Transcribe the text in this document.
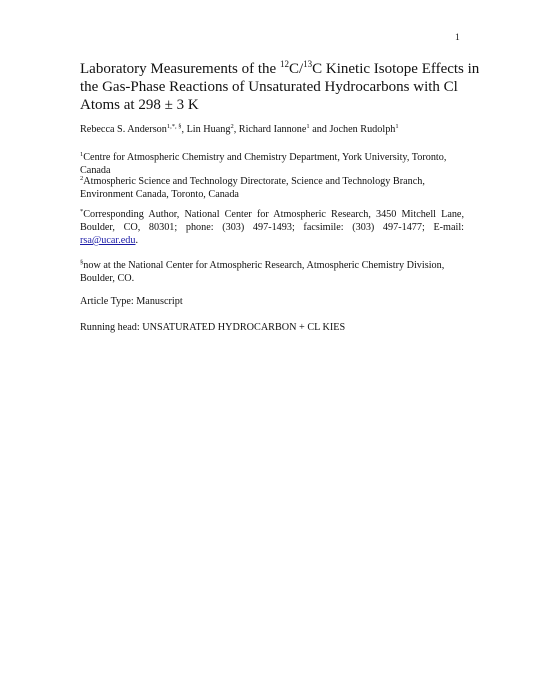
1
Laboratory Measurements of the $^{12}$C/$^{13}$C Kinetic Isotope Effects in the Gas-Phase Reactions of Unsaturated Hydrocarbons with Cl Atoms at 298 ± 3 K
Rebecca S. Anderson$^{1,*, \S}$, Lin Huang$^2$, Richard Iannone$^1$ and Jochen Rudolph$^1$
$^1$Centre for Atmospheric Chemistry and Chemistry Department, York University, Toronto, Canada
$^2$Atmospheric Science and Technology Directorate, Science and Technology Branch, Environment Canada, Toronto, Canada
*Corresponding Author, National Center for Atmospheric Research, 3450 Mitchell Lane, Boulder, CO, 80301; phone: (303) 497-1493; facsimile: (303) 497-1477; E-mail: rsa@ucar.edu.
§now at the National Center for Atmospheric Research, Atmospheric Chemistry Division, Boulder, CO.
Article Type: Manuscript
Running head: UNSATURATED HYDROCARBON + CL KIES
